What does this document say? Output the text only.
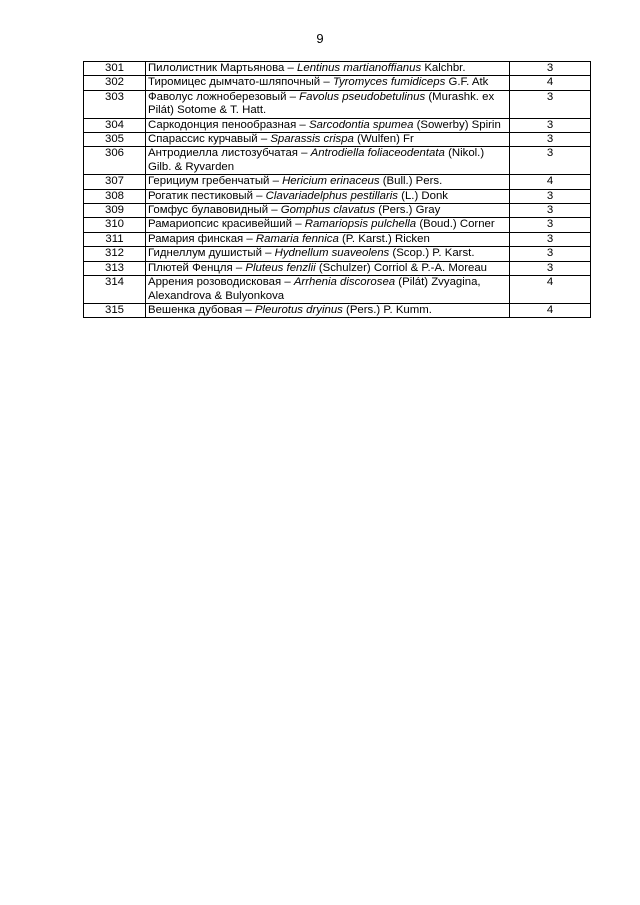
9
301	Пилолистник Мартьянова – Lentinus martianoffianus Kalchbr.	3
302	Тиромицес дымчато-шляпочный – Tyromyces fumidiceps G.F. Atk	4
303	Фаволус ложноберезовый – Favolus pseudobetulinus (Murashk. ex Pilát) Sotome & T. Hatt.	3
304	Саркодонция пенообразная – Sarcodontia spumea (Sowerby) Spirin	3
305	Спарассис курчавый – Sparassis crispa (Wulfen) Fr	3
306	Антродиелла листозубчатая – Antrodiella foliaceodentata (Nikol.) Gilb. & Ryvarden	3
307	Герициум гребенчатый – Hericium erinaceus (Bull.) Pers.	4
308	Рогатик пестиковый – Clavariadelphus pestillaris (L.) Donk	3
309	Гомфус булавовидный – Gomphus clavatus (Pers.) Gray	3
310	Рамариопсис красивейший – Ramariopsis pulchella (Boud.) Corner	3
311	Рамария финская – Ramaria fennica (P. Karst.) Ricken	3
312	Гиднеллум душистый – Hydnellum suaveolens (Scop.) P. Karst.	3
313	Плютей Фенцля – Pluteus fenzlii (Schulzer) Corriol & P.-A. Moreau	3
314	Аррения розоводисковая – Arrhenia discorosea (Pilát) Zvyagina, Alexandrova & Bulyonkova	4
315	Вешенка дубовая – Pleurotus dryinus (Pers.) P. Kumm.	4
